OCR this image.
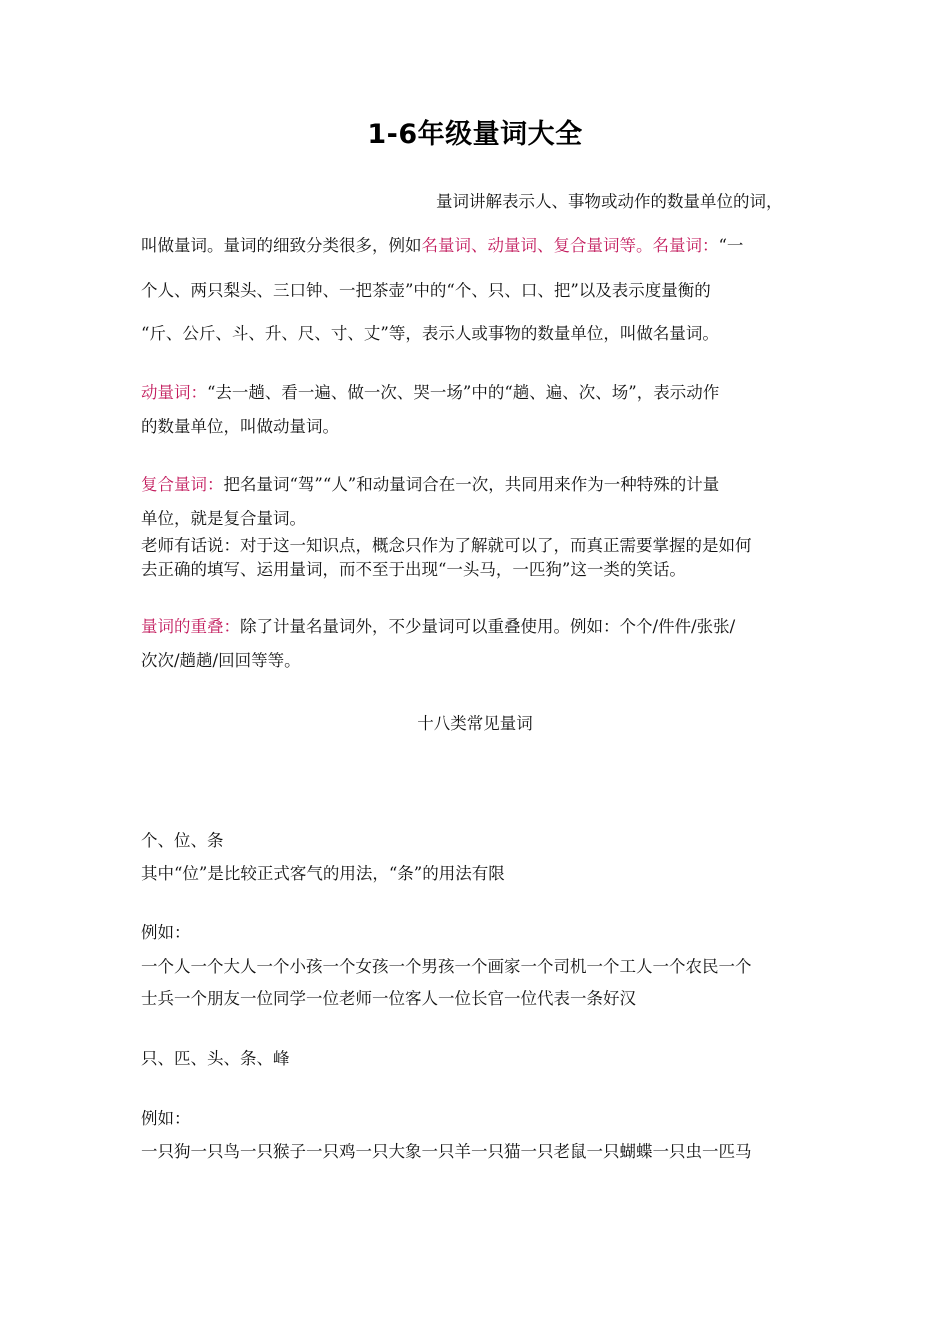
1-6年级量词大全
量词讲解表示人、事物或动作的数量单位的词，
叫做量词。量词的细致分类很多，例如名量词、动量词、复合量词等。名量词：“一
个人、两只梨头、三口钟、一把茶壶”中的“个、只、口、把”以及表示度量衡的
“斤、公斤、斗、升、尺、寸、丈”等，表示人或事物的数量单位，叫做名量词。
动量词：“去一趟、看一遍、做一次、哭一场”中的“趟、遍、次、场”，表示动作
的数量单位，叫做动量词。
复合量词：把名量词“驾”“人”和动量词合在一次，共同用来作为一种特殊的计量
单位，就是复合量词。
老师有话说：对于这一知识点，概念只作为了解就可以了，而真正需要掌握的是如何
去正确的填写、运用量词，而不至于出现“一头马，一匹狗”这一类的笑话。
量词的重叠：除了计量名量词外，不少量词可以重叠使用。例如：个个/件件/张张/
次次/趟趟/回回等等。
十八类常见量词
个、位、条
其中“位”是比较正式客气的用法，“条”的用法有限
例如：
一个人一个大人一个小孩一个女孩一个男孩一个画家一个司机一个工人一个农民一个
士兵一个朋友一位同学一位老师一位客人一位长官一位代表一条好汉
只、匹、头、条、峰
例如：
一只狗一只鸟一只猴子一只鸡一只大象一只羊一只猫一只老鼠一只蝴蝶一只虫一匹马
